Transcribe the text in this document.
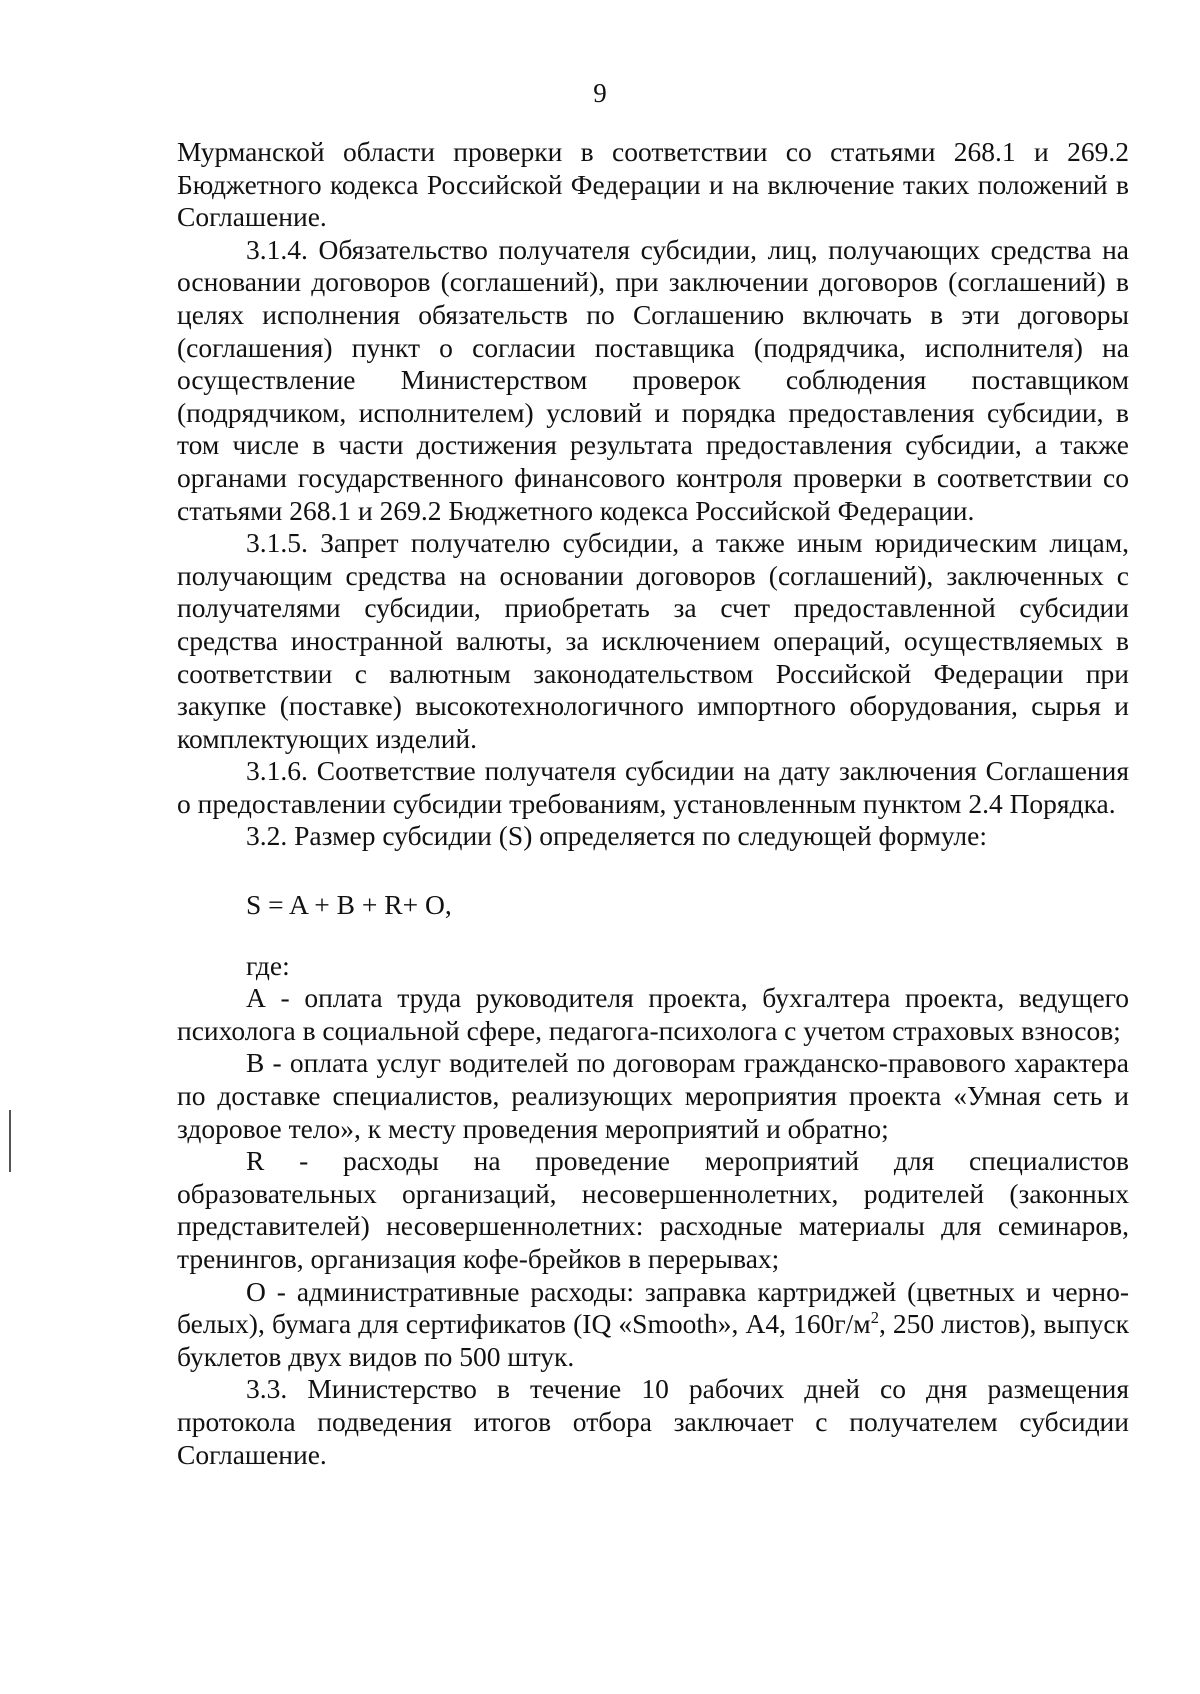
9

Мурманской области проверки в соответствии со статьями 268.1 и 269.2 Бюджетного кодекса Российской Федерации и на включение таких положений в Соглашение.

3.1.4. Обязательство получателя субсидии, лиц, получающих средства на основании договоров (соглашений), при заключении договоров (соглашений) в целях исполнения обязательств по Соглашению включать в эти договоры (соглашения) пункт о согласии поставщика (подрядчика, исполнителя) на осуществление Министерством проверок соблюдения поставщиком (подрядчиком, исполнителем) условий и порядка предоставления субсидии, в том числе в части достижения результата предоставления субсидии, а также органами государственного финансового контроля проверки в соответствии со статьями 268.1 и 269.2 Бюджетного кодекса Российской Федерации.

3.1.5. Запрет получателю субсидии, а также иным юридическим лицам, получающим средства на основании договоров (соглашений), заключенных с получателями субсидии, приобретать за счет предоставленной субсидии средства иностранной валюты, за исключением операций, осуществляемых в соответствии с валютным законодательством Российской Федерации при закупке (поставке) высокотехнологичного импортного оборудования, сырья и комплектующих изделий.

3.1.6. Соответствие получателя субсидии на дату заключения Соглашения о предоставлении субсидии требованиям, установленным пунктом 2.4 Порядка.

3.2. Размер субсидии (S) определяется по следующей формуле:

S = A + B + R+ O,

где:

А - оплата труда руководителя проекта, бухгалтера проекта, ведущего психолога в социальной сфере, педагога-психолога с учетом страховых взносов;

В - оплата услуг водителей по договорам гражданско-правового характера по доставке специалистов, реализующих мероприятия проекта «Умная сеть и здоровое тело», к месту проведения мероприятий и обратно;

R - расходы на проведение мероприятий для специалистов образовательных организаций, несовершеннолетних, родителей (законных представителей) несовершеннолетних: расходные материалы для семинаров, тренингов, организация кофе-брейков в перерывах;

О - административные расходы: заправка картриджей (цветных и черно-белых), бумага для сертификатов (IQ «Smooth», А4, $160г/м^2$, 250 листов), выпуск буклетов двух видов по 500 штук.

3.3. Министерство в течение 10 рабочих дней со дня размещения протокола подведения итогов отбора заключает с получателем субсидии Соглашение.
